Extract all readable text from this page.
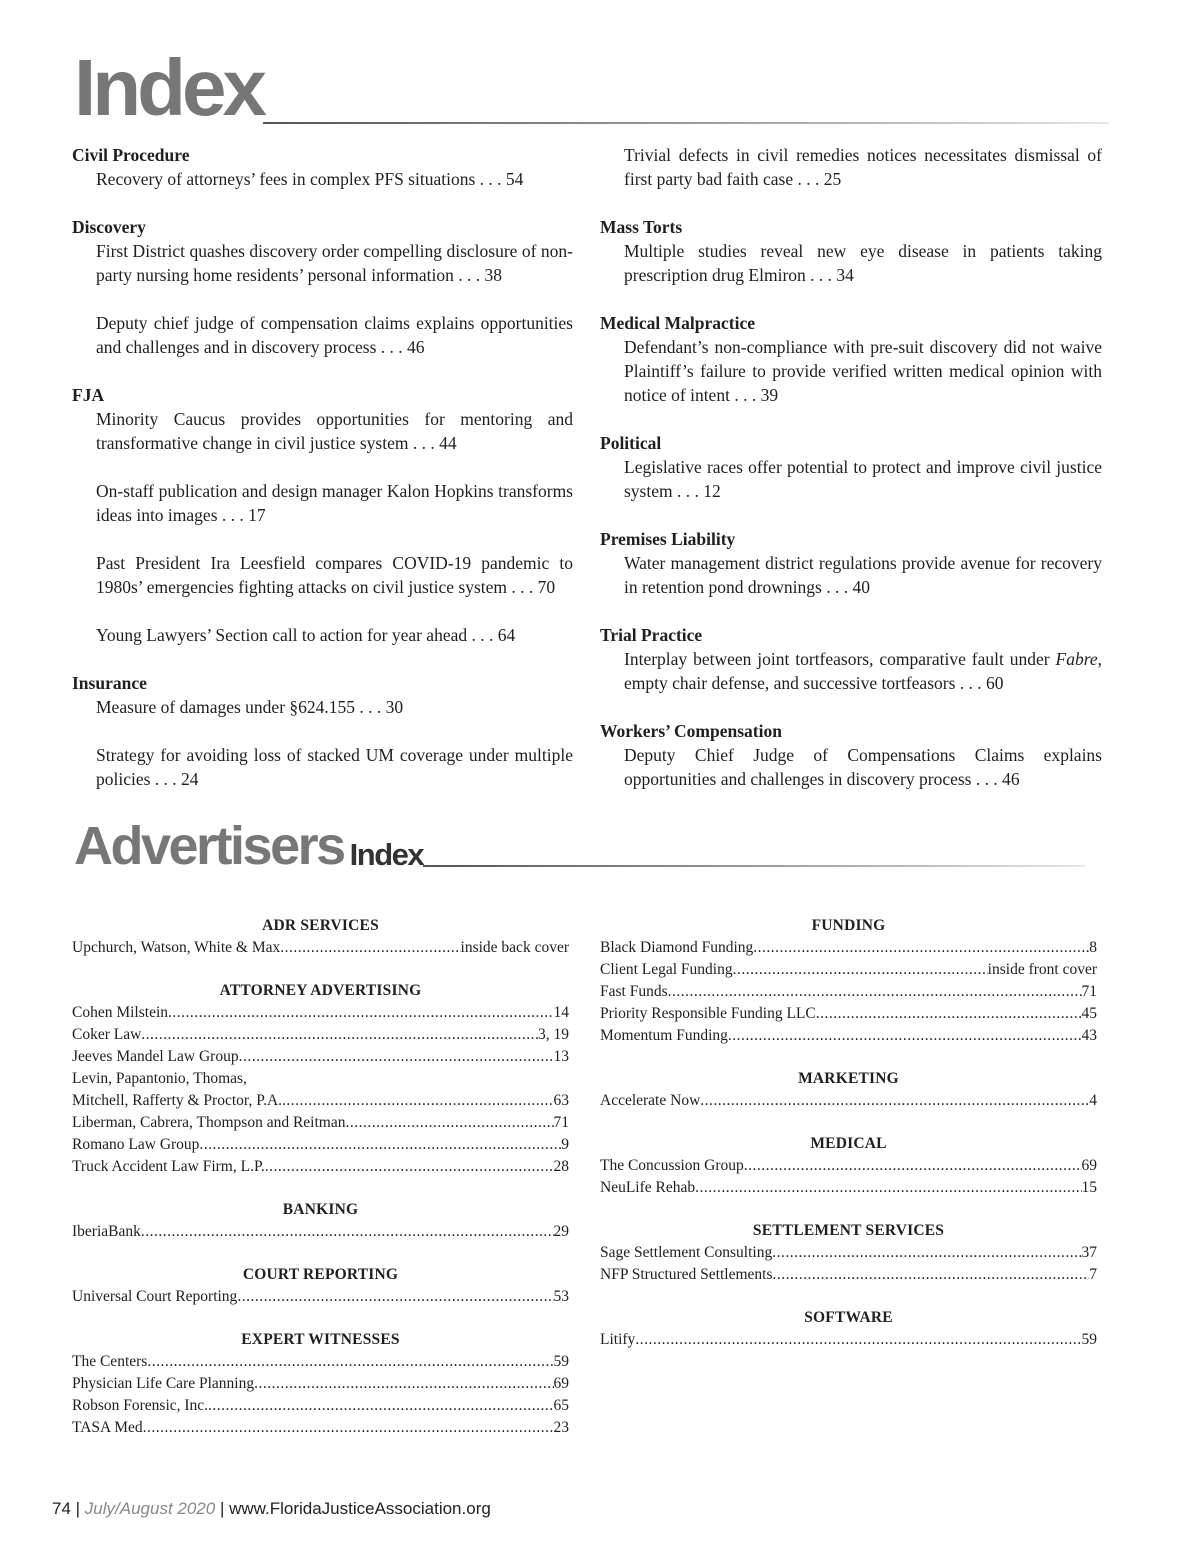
Index
Civil Procedure
Recovery of attorneys’ fees in complex PFS situations . . . 54
Discovery
First District quashes discovery order compelling disclosure of non-party nursing home residents’ personal information . . . 38
Deputy chief judge of compensation claims explains opportunities and challenges and in discovery process . . . 46
FJA
Minority Caucus provides opportunities for mentoring and transformative change in civil justice system . . . 44
On-staff publication and design manager Kalon Hopkins transforms ideas into images . . . 17
Past President Ira Leesfield compares COVID-19 pandemic to 1980s’ emergencies fighting attacks on civil justice system . . . 70
Young Lawyers’ Section call to action for year ahead . . . 64
Insurance
Measure of damages under §624.155 . . . 30
Strategy for avoiding loss of stacked UM coverage under multiple policies . . . 24
Trivial defects in civil remedies notices necessitates dismissal of first party bad faith case . . . 25
Mass Torts
Multiple studies reveal new eye disease in patients taking prescription drug Elmiron . . . 34
Medical Malpractice
Defendant’s non-compliance with pre-suit discovery did not waive Plaintiff’s failure to provide verified written medical opinion with notice of intent . . . 39
Political
Legislative races offer potential to protect and improve civil justice system . . . 12
Premises Liability
Water management district regulations provide avenue for recovery in retention pond drownings . . . 40
Trial Practice
Interplay between joint tortfeasors, comparative fault under Fabre, empty chair defense, and successive tortfeasors . . . 60
Workers’ Compensation
Deputy Chief Judge of Compensations Claims explains opportunities and challenges in discovery process . . . 46
Advertisers Index
ADR SERVICES
Upchurch, Watson, White & Max .....	inside back cover
ATTORNEY ADVERTISING
Cohen Milstein .....	14
Coker Law .....	3, 19
Jeeves Mandel Law Group .....	13
Levin, Papantonio, Thomas,
Mitchell, Rafferty & Proctor, P.A. .....	63
Liberman, Cabrera, Thompson and Reitman .....	71
Romano Law Group .....	9
Truck Accident Law Firm, L.P. .....	28
BANKING
IberiaBank .....	29
COURT REPORTING
Universal Court Reporting .....	53
EXPERT WITNESSES
The Centers .....	59
Physician Life Care Planning .....	69
Robson Forensic, Inc. .....	65
TASA Med .....	23
FUNDING
Black Diamond Funding .....	8
Client Legal Funding .....	inside front cover
Fast Funds .....	71
Priority Responsible Funding LLC .....	45
Momentum Funding .....	43
MARKETING
Accelerate Now .....	4
MEDICAL
The Concussion Group .....	69
NeuLife Rehab .....	15
SETTLEMENT SERVICES
Sage Settlement Consulting .....	37
NFP Structured Settlements .....	7
SOFTWARE
Litify .....	59
74 | July/August 2020 | www.FloridaJusticeAssociation.org
